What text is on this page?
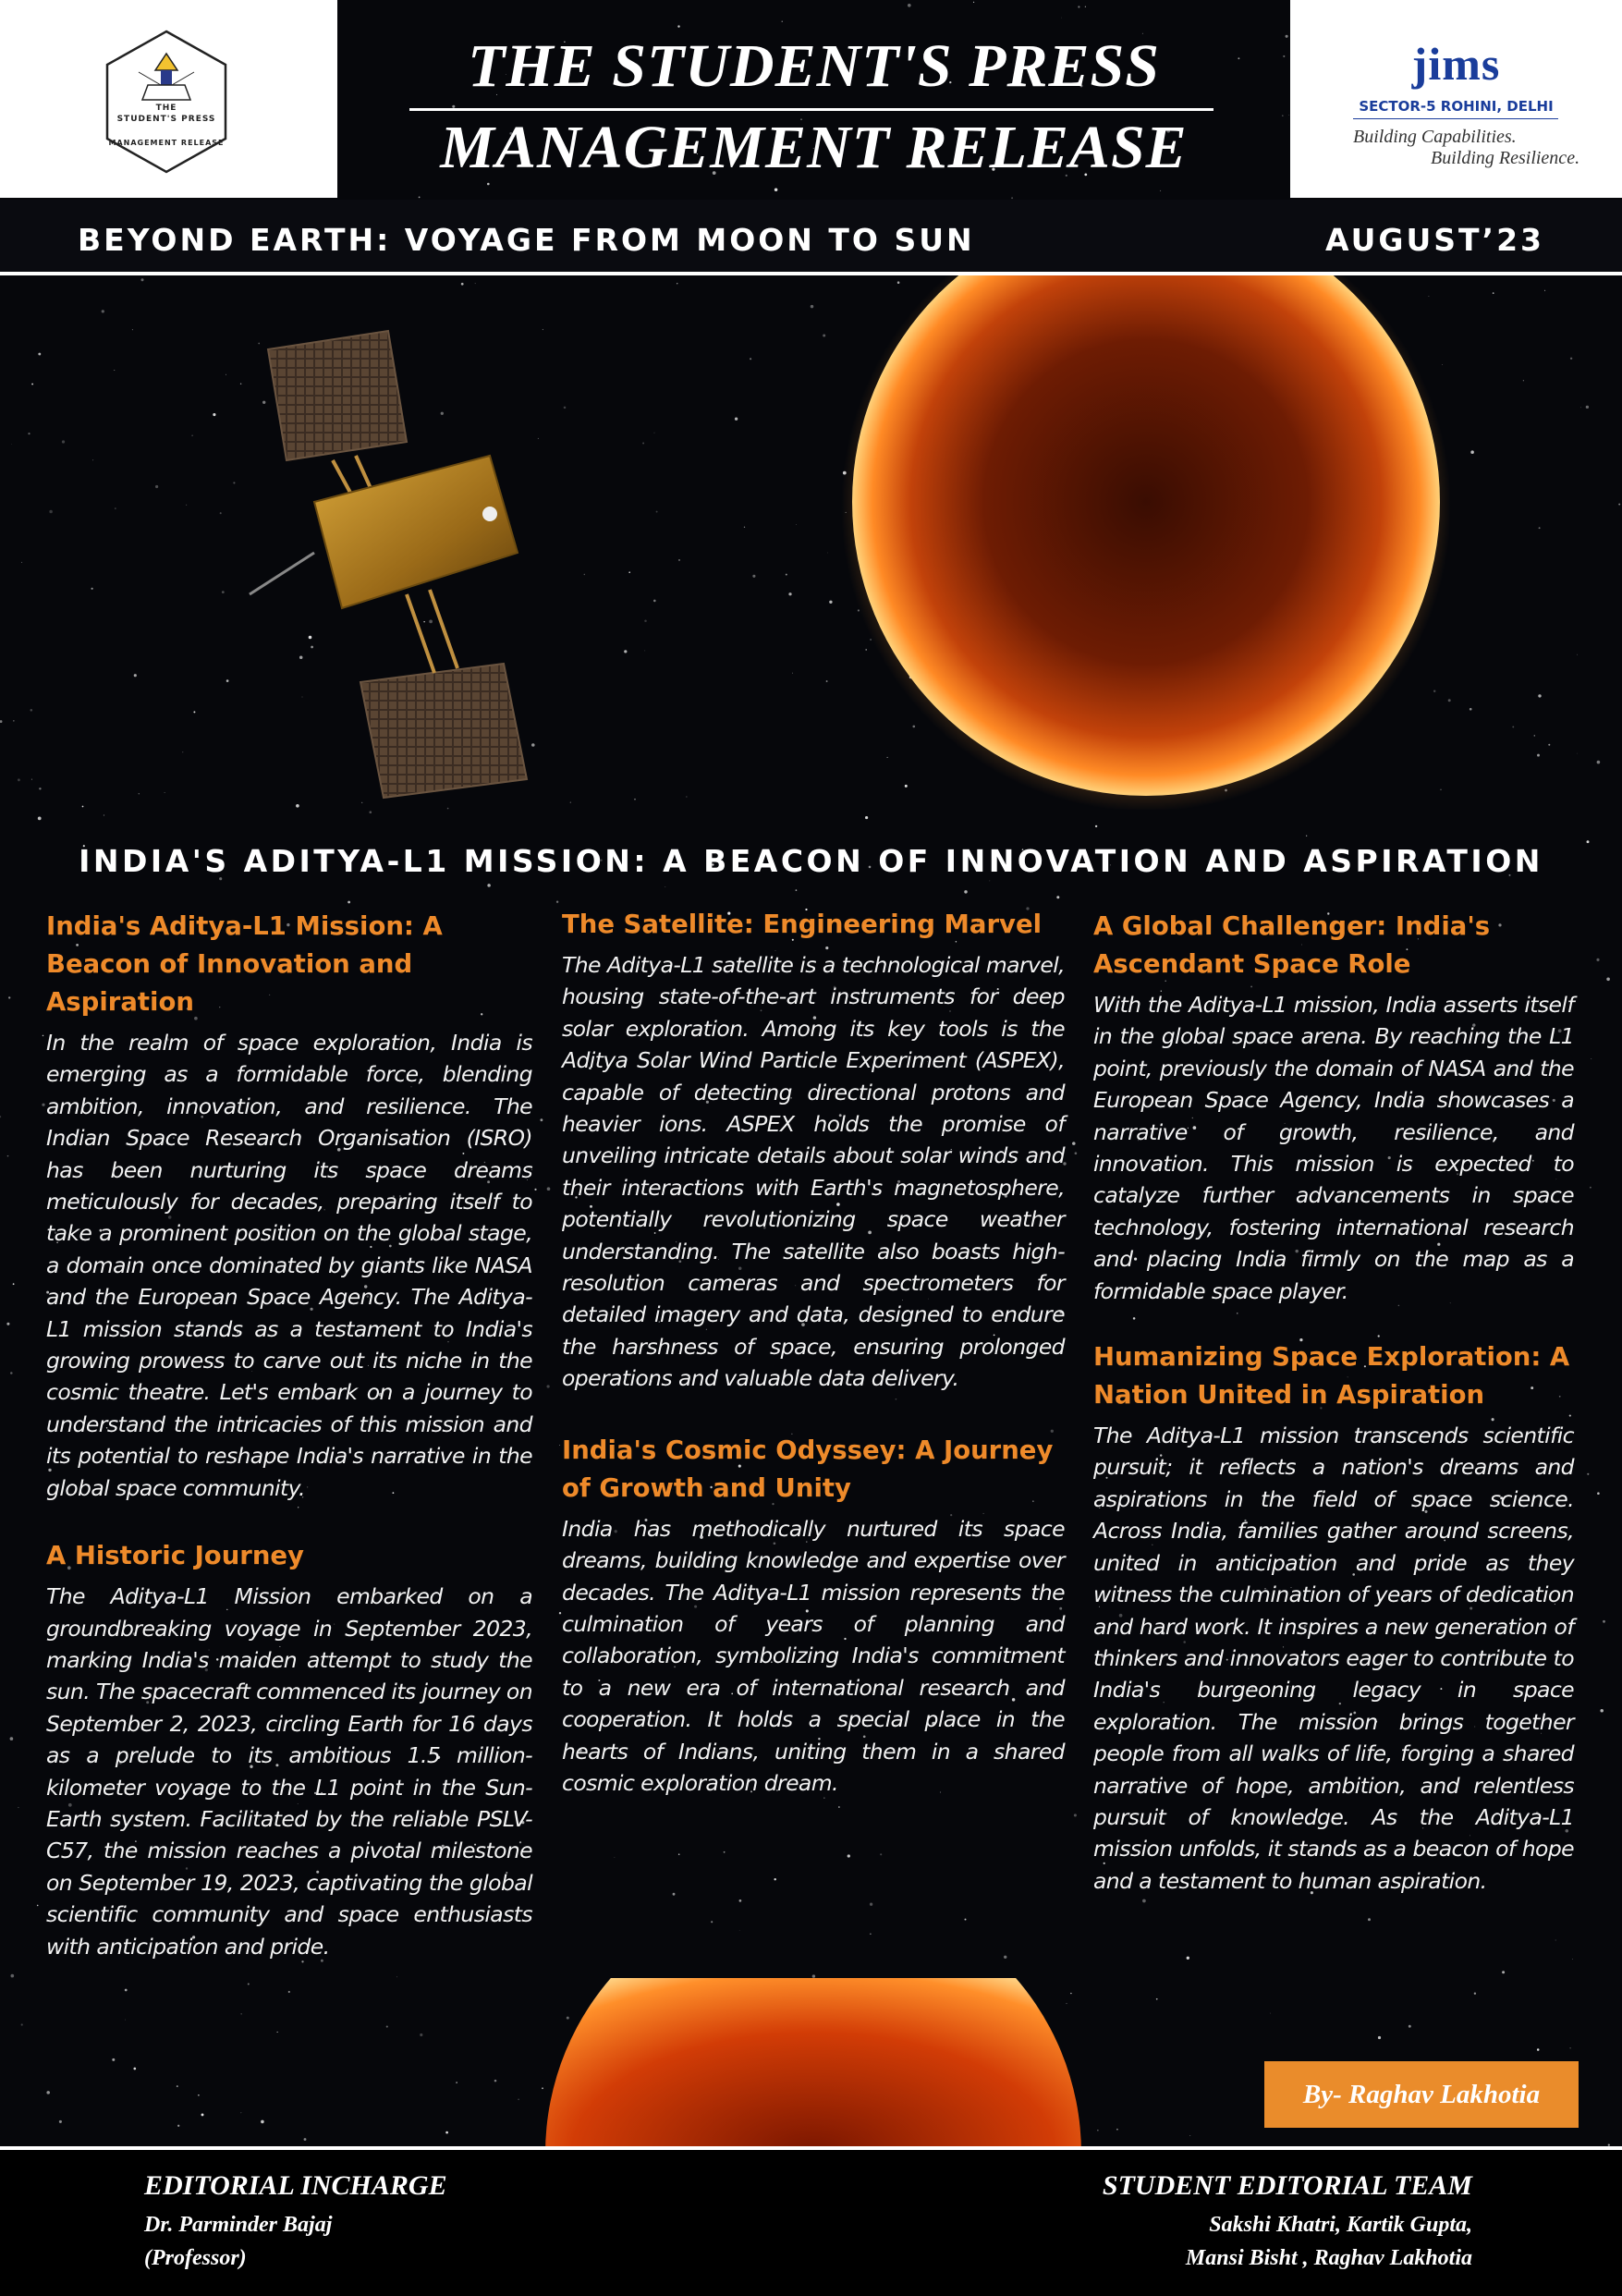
THE
STUDENT'S PRESS
MANAGEMENT RELEASE
THE STUDENT'S PRESS
MANAGEMENT RELEASE
jims
SECTOR-5 ROHINI, DELHI
Building Capabilities.
Building Resilience.
BEYOND EARTH: VOYAGE FROM MOON TO SUN	AUGUST’23
INDIA'S ADITYA-L1 MISSION: A BEACON OF INNOVATION AND ASPIRATION
India's Aditya-L1 Mission: A Beacon of Innovation and Aspiration

In the realm of space exploration, India is emerging as a formidable force, blending ambition, innovation, and resilience. The Indian Space Research Organisation (ISRO) has been nurturing its space dreams meticulously for decades, preparing itself to take a prominent position on the global stage, a domain once dominated by giants like NASA and the European Space Agency. The Aditya-L1 mission stands as a testament to India's growing prowess to carve out its niche in the cosmic theatre. Let's embark on a journey to understand the intricacies of this mission and its potential to reshape India's narrative in the global space community.

A Historic Journey

The Aditya-L1 Mission embarked on a groundbreaking voyage in September 2023, marking India's maiden attempt to study the sun. The spacecraft commenced its journey on September 2, 2023, circling Earth for 16 days as a prelude to its ambitious 1.5 million-kilometer voyage to the L1 point in the Sun-Earth system. Facilitated by the reliable PSLV-C57, the mission reaches a pivotal milestone on September 19, 2023, captivating the global scientific community and space enthusiasts with anticipation and pride.

The Satellite: Engineering Marvel

The Aditya-L1 satellite is a technological marvel, housing state-of-the-art instruments for deep solar exploration. Among its key tools is the Aditya Solar Wind Particle Experiment (ASPEX), capable of detecting directional protons and heavier ions. ASPEX holds the promise of unveiling intricate details about solar winds and their interactions with Earth's magnetosphere, potentially revolutionizing space weather understanding. The satellite also boasts high-resolution cameras and spectrometers for detailed imagery and data, designed to endure the harshness of space, ensuring prolonged operations and valuable data delivery.

India's Cosmic Odyssey: A Journey of Growth and Unity

India has methodically nurtured its space dreams, building knowledge and expertise over decades. The Aditya-L1 mission represents the culmination of years of planning and collaboration, symbolizing India's commitment to a new era of international research and cooperation. It holds a special place in the hearts of Indians, uniting them in a shared cosmic exploration dream.

A Global Challenger: India's Ascendant Space Role

With the Aditya-L1 mission, India asserts itself in the global space arena. By reaching the L1 point, previously the domain of NASA and the European Space Agency, India showcases a narrative of growth, resilience, and innovation. This mission is expected to catalyze further advancements in space technology, fostering international research and placing India firmly on the map as a formidable space player.

Humanizing Space Exploration: A Nation United in Aspiration

The Aditya-L1 mission transcends scientific pursuit; it reflects a nation's dreams and aspirations in the field of space science. Across India, families gather around screens, united in anticipation and pride as they witness the culmination of years of dedication and hard work. It inspires a new generation of thinkers and innovators eager to contribute to India's burgeoning legacy in space exploration. The mission brings together people from all walks of life, forging a shared narrative of hope, ambition, and relentless pursuit of knowledge. As the Aditya-L1 mission unfolds, it stands as a beacon of hope and a testament to human aspiration.

By- Raghav Lakhotia
EDITORIAL INCHARGE
Dr. Parminder Bajaj
(Professor)
STUDENT EDITORIAL TEAM
Sakshi Khatri, Kartik Gupta,
Mansi Bisht , Raghav Lakhotia
